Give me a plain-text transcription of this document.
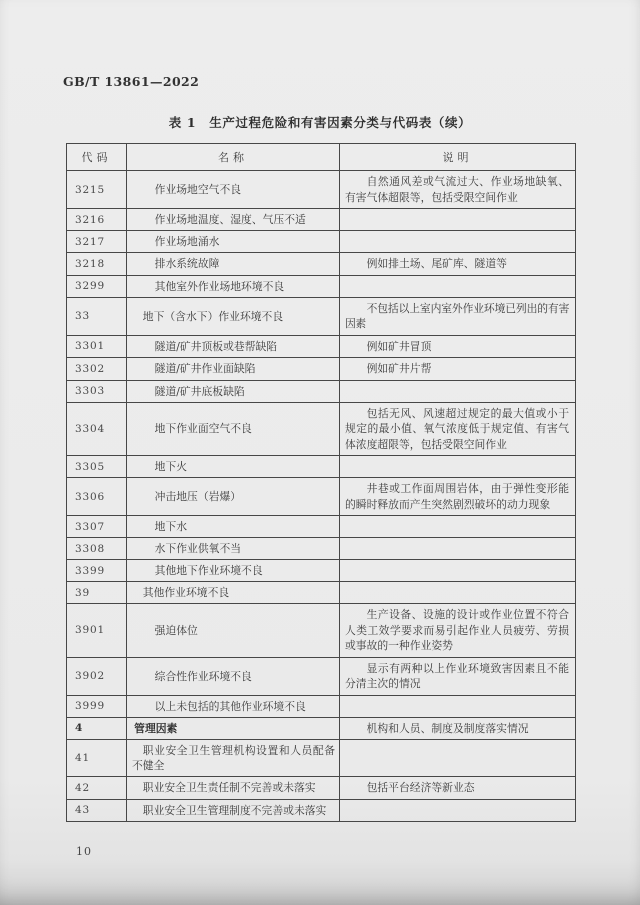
GB/T 13861—2022
表 1　生产过程危险和有害因素分类与代码表（续）
代码	名称	说明
3215	作业场地空气不良	自然通风差或气流过大、作业场地缺氧、有害气体超限等，包括受限空间作业

3216	作业场地温度、湿度、气压不适	

3217	作业场地涌水	

3218	排水系统故障	例如排土场、尾矿库、隧道等

3299	其他室外作业场地环境不良	

33	地下（含水下）作业环境不良	不包括以上室内室外作业环境已列出的有害因素

3301	隧道/矿井顶板或巷帮缺陷	例如矿井冒顶

3302	隧道/矿井作业面缺陷	例如矿井片帮

3303	隧道/矿井底板缺陷	

3304	地下作业面空气不良	包括无风、风速超过规定的最大值或小于规定的最小值、氧气浓度低于规定值、有害气体浓度超限等，包括受限空间作业

3305	地下火	

3306	冲击地压（岩爆）	井巷或工作面周围岩体，由于弹性变形能的瞬时释放而产生突然剧烈破坏的动力现象

3307	地下水	

3308	水下作业供氧不当	

3399	其他地下作业环境不良	

39	其他作业环境不良	

3901	强迫体位	生产设备、设施的设计或作业位置不符合人类工效学要求而易引起作业人员疲劳、劳损或事故的一种作业姿势

3902	综合性作业环境不良	显示有两种以上作业环境致害因素且不能分清主次的情况

3999	以上未包括的其他作业环境不良	

4	管理因素	机构和人员、制度及制度落实情况

41	职业安全卫生管理机构设置和人员配备不健全	

42	职业安全卫生责任制不完善或未落实	包括平台经济等新业态

43	职业安全卫生管理制度不完善或未落实	

10
